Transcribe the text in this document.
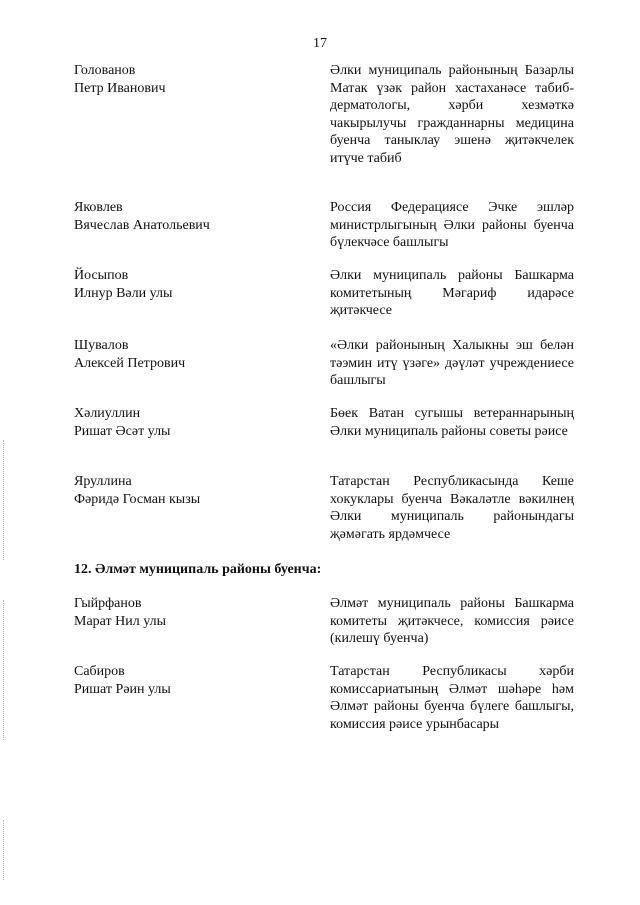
17
Голованов
Петр Иванович
Әлки муниципаль районының Базарлы Матак үзәк район хастаханәсе табиб-дерматологы, хәрби хезмәткә чакырылучы гражданнарны медицина буенча таныклау эшенә җитәкчелек итүче табиб
Яковлев
Вячеслав Анатольевич
Россия Федерациясе Эчке эшләр министрлыгының Әлки районы буенча бүлекчәсе башлыгы
Йосыпов
Илнур Вәли улы
Әлки муниципаль районы Башкарма комитетының Мәгариф идарәсе җитәкчесе
Шувалов
Алексей Петрович
«Әлки районының Халыкны эш белән тәэмин итү үзәге» дәүләт учреждениесе башлыгы
Хәлиуллин
Ришат Әсәт улы
Бөек Ватан сугышы ветераннарының Әлки муниципаль районы советы рәисе
Яруллина
Фәридә Госман кызы
Татарстан Республикасында Кеше хокуклары буенча Вәкаләтле вәкилнең Әлки муниципаль районындагы җәмәгать ярдәмчесе
12. Әлмәт муниципаль районы буенча:
Гыйрфанов
Марат Нил улы
Әлмәт муниципаль районы Башкарма комитеты җитәкчесе, комиссия рәисе (килешү буенча)
Сабиров
Ришат Рәин улы
Татарстан Республикасы хәрби комиссариатының Әлмәт шәһәре һәм Әлмәт районы буенча бүлеге башлыгы, комиссия рәисе урынбасары
